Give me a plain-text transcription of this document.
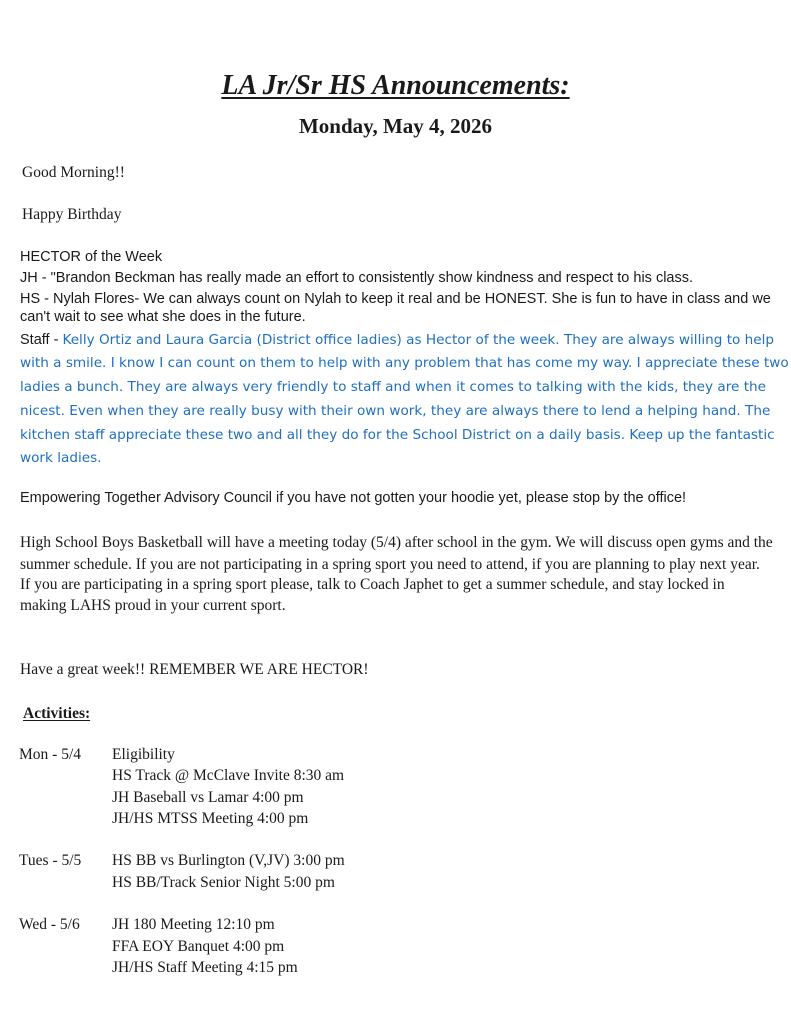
LA Jr/Sr HS Announcements:
Monday, May 4, 2026
Good Morning!!
Happy Birthday
HECTOR of the Week
JH - "Brandon Beckman has really made an effort to consistently show kindness and respect to his class.
HS - Nylah Flores- We can always count on Nylah to keep it real and be HONEST. She is fun to have in class and we
can't wait to see what she does in the future.
Staff - Kelly Ortiz and Laura Garcia (District office ladies) as Hector of the week. They are always willing to help
with a smile. I know I can count on them to help with any problem that has come my way. I appreciate these two
ladies a bunch. They are always very friendly to staff and when it comes to talking with the kids, they are the
nicest. Even when they are really busy with their own work, they are always there to lend a helping hand. The
kitchen staff appreciate these two and all they do for the School District on a daily basis. Keep up the fantastic
work ladies.
Empowering Together Advisory Council if you have not gotten your hoodie yet, please stop by the office!
High School Boys Basketball will have a meeting today (5/4) after school in the gym. We will discuss open gyms and the
summer schedule. If you are not participating in a spring sport you need to attend, if you are planning to play next year.
If you are participating in a spring sport please, talk to Coach Japhet to get a summer schedule, and stay locked in
making LAHS proud in your current sport.
Have a great week!! REMEMBER WE ARE HECTOR!
Activities:
Mon - 5/4 Eligibility
HS Track @ McClave Invite 8:30 am
JH Baseball vs Lamar 4:00 pm
JH/HS MTSS Meeting 4:00 pm
Tues - 5/5 HS BB vs Burlington (V,JV) 3:00 pm
HS BB/Track Senior Night 5:00 pm
Wed - 5/6 JH 180 Meeting 12:10 pm
FFA EOY Banquet 4:00 pm
JH/HS Staff Meeting 4:15 pm
